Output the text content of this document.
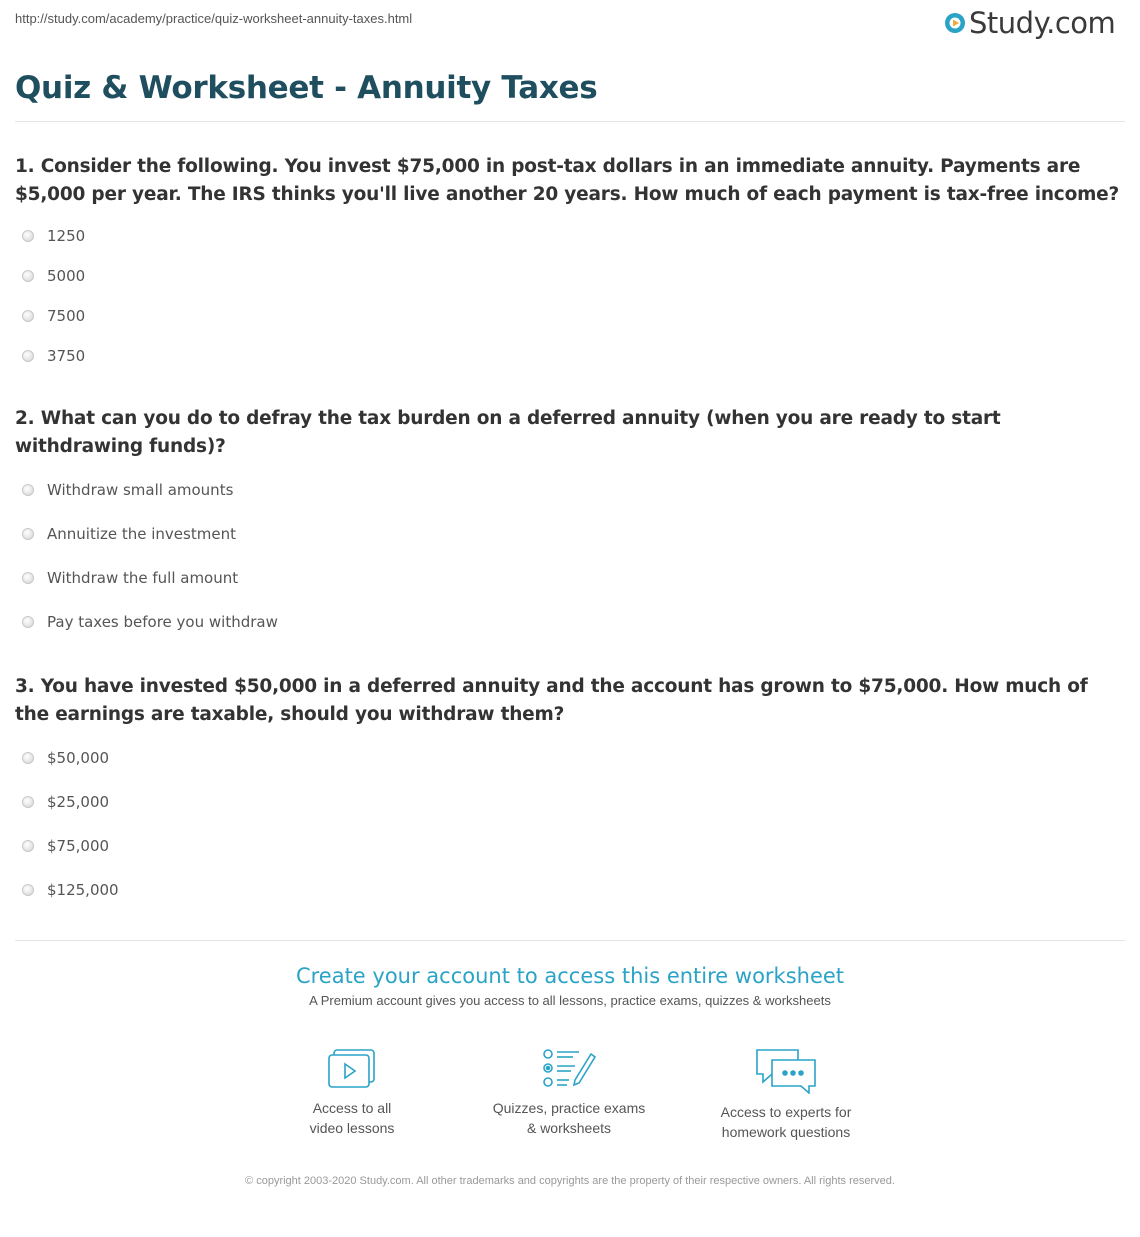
http://study.com/academy/practice/quiz-worksheet-annuity-taxes.html	Study.com
Quiz & Worksheet - Annuity Taxes
1. Consider the following. You invest $75,000 in post-tax dollars in an immediate annuity. Payments are $5,000 per year. The IRS thinks you'll live another 20 years. How much of each payment is tax-free income?
1250
5000
7500
3750
2. What can you do to defray the tax burden on a deferred annuity (when you are ready to start withdrawing funds)?
Withdraw small amounts
Annuitize the investment
Withdraw the full amount
Pay taxes before you withdraw
3. You have invested $50,000 in a deferred annuity and the account has grown to $75,000. How much of the earnings are taxable, should you withdraw them?
$50,000
$25,000
$75,000
$125,000
Create your account to access this entire worksheet
A Premium account gives you access to all lessons, practice exams, quizzes & worksheets
Access to all
video lessons
Quizzes, practice exams
& worksheets
Access to experts for
homework questions
© copyright 2003-2020 Study.com. All other trademarks and copyrights are the property of their respective owners. All rights reserved.
